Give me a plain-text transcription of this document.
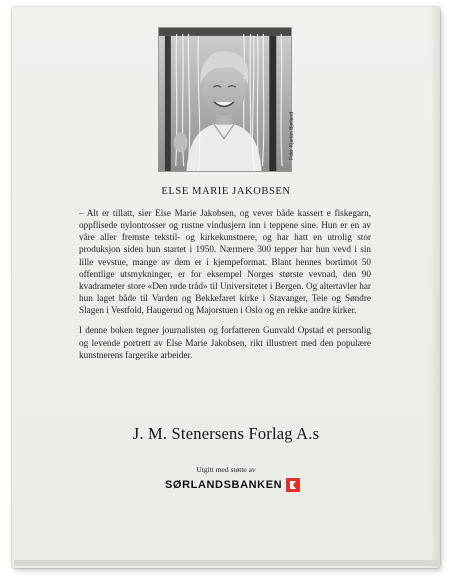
Foto: Kjartan Bjelland
ELSE MARIE JAKOBSEN

– Alt er tillatt, sier Else Marie Jakobsen, og vever både kassert e fiskegarn, oppflisede nylontrosser og rustne vindusjern inn i teppene sine. Hun er en av våre aller fremste tekstil- og kirkekunstnere, og har hatt en utrolig stor produksjon siden hun startet i 1950. Nærmere 300 tepper har hun vevd i sin lille vevstue, mange av dem er i kjempeformat. Blant hennes bortimot 50 offentlige utsmykninger, er for eksempel Norges største vevnad, den 90 kvadrameter store «Den røde tråd» til Universitetet i Bergen. Og altertavler har hun laget både til Varden og Bekkefaret kirke i Stavanger, Teie og Søndre Slagen i Vestfold, Haugerud og Majorstuen i Oslo og en rekke andre kirker.

I denne boken tegner journalisten og forfatteren Gunvald Opstad et personlig og levende portrett av Else Marie Jakobsen, rikt illustrert med den populære kunstnerens fargerike arbeider.

J. M. Stenersens Forlag A.s
Utgitt med støtte av
SØRLANDSBANKEN
